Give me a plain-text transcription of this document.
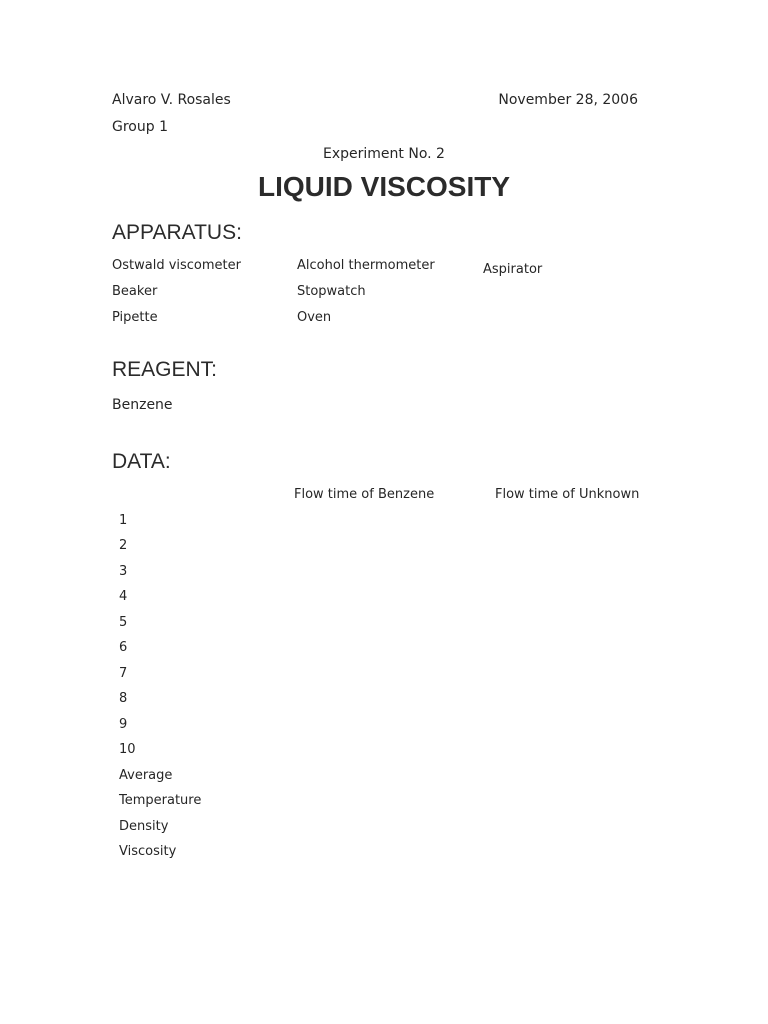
Alvaro V. Rosales	November 28, 2006
Group 1
Experiment No. 2
LIQUID VISCOSITY
APPARATUS:
Ostwald viscometer
Beaker
Pipette
Alcohol thermometer
Stopwatch
Oven
Aspirator
REAGENT:
Benzene
DATA:
Flow time of Benzene	Flow time of Unknown
1
2
3
4
5
6
7
8
9
10
Average
Temperature
Density
Viscosity
